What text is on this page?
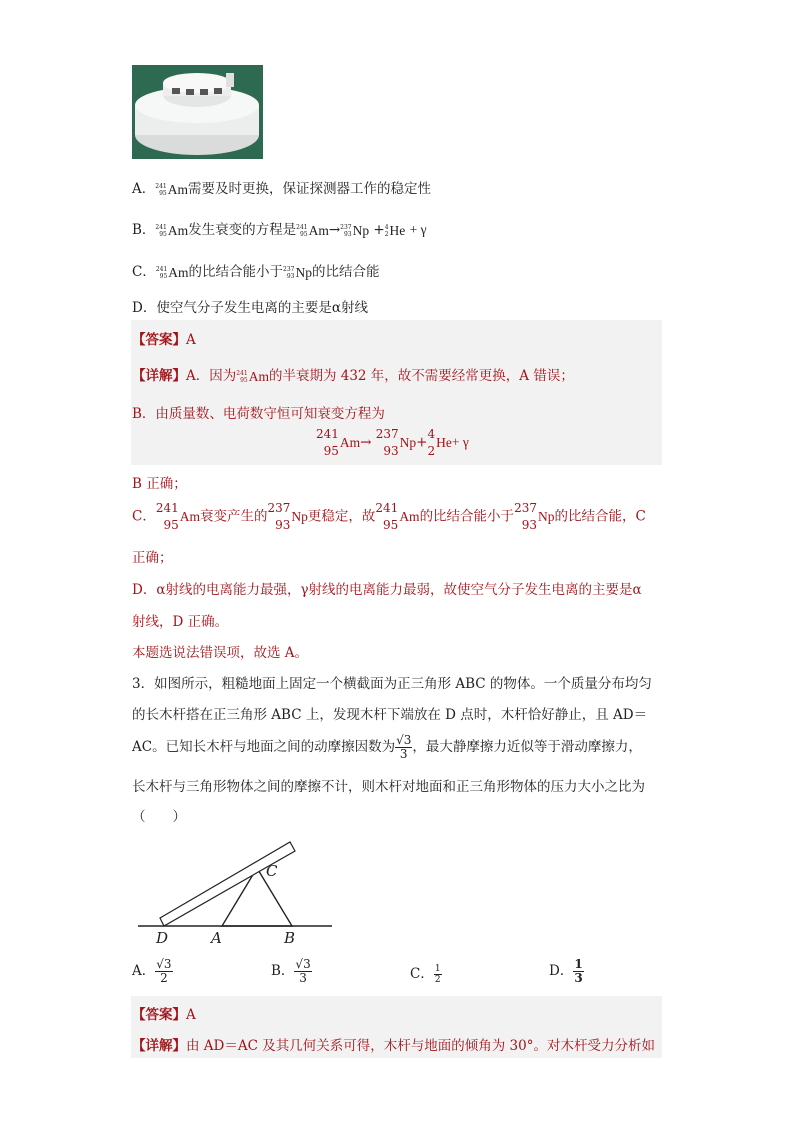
A． 241
95 Am 需要及时更换，保证探测器工作的稳定性
B． 241
95 Am 发生衰变的方程是 241
95 Am → 237
93 Np + 4
2 He + γ
C． 241
95 Am 的比结合能小于 237
93 Np 的比结合能
D．使空气分子发生电离的主要是α射线
【答案】A
【详解】A．因为 241
95 Am 的半衰期为 432 年，故不需要经常更换，A 错误；
B．由质量数、电荷数守恒可知衰变方程为
241
95
Am →
237
93
Np +
4
2
He + γ
B 正确；
C．
241
95
Am 衰变产生的
237
93
Np 更稳定，故
241
95
Am 的比结合能小于
237
93
Np 的比结合能，C
正确；
D．α射线的电离能力最强，γ射线的电离能力最弱，故使空气分子发生电离的主要是α
射线，D 正确。
本题选说法错误项，故选 A。
3．如图所示，粗糙地面上固定一个横截面为正三角形 ABC 的物体。一个质量分布均匀
的长木杆搭在正三角形 ABC 上，发现木杆下端放在 D 点时，木杆恰好静止，且 AD＝
AC。已知长木杆与地面之间的动摩擦因数为 $\frac{√3}{3}$ ，最大静摩擦力近似等于滑动摩擦力，
长木杆与三角形物体之间的摩擦不计，则木杆对地面和正三角形物体的压力大小之比为
（　　）
C
D	A	B
A． $\frac{√3}{2}$	B． $\frac{√3}{3}$	C． $\frac{1}{2}$	D． $\frac{1}{3}$
【答案】A
【详解】由 AD＝AC 及其几何关系可得，木杆与地面的倾角为 30°。对木杆受力分析如
